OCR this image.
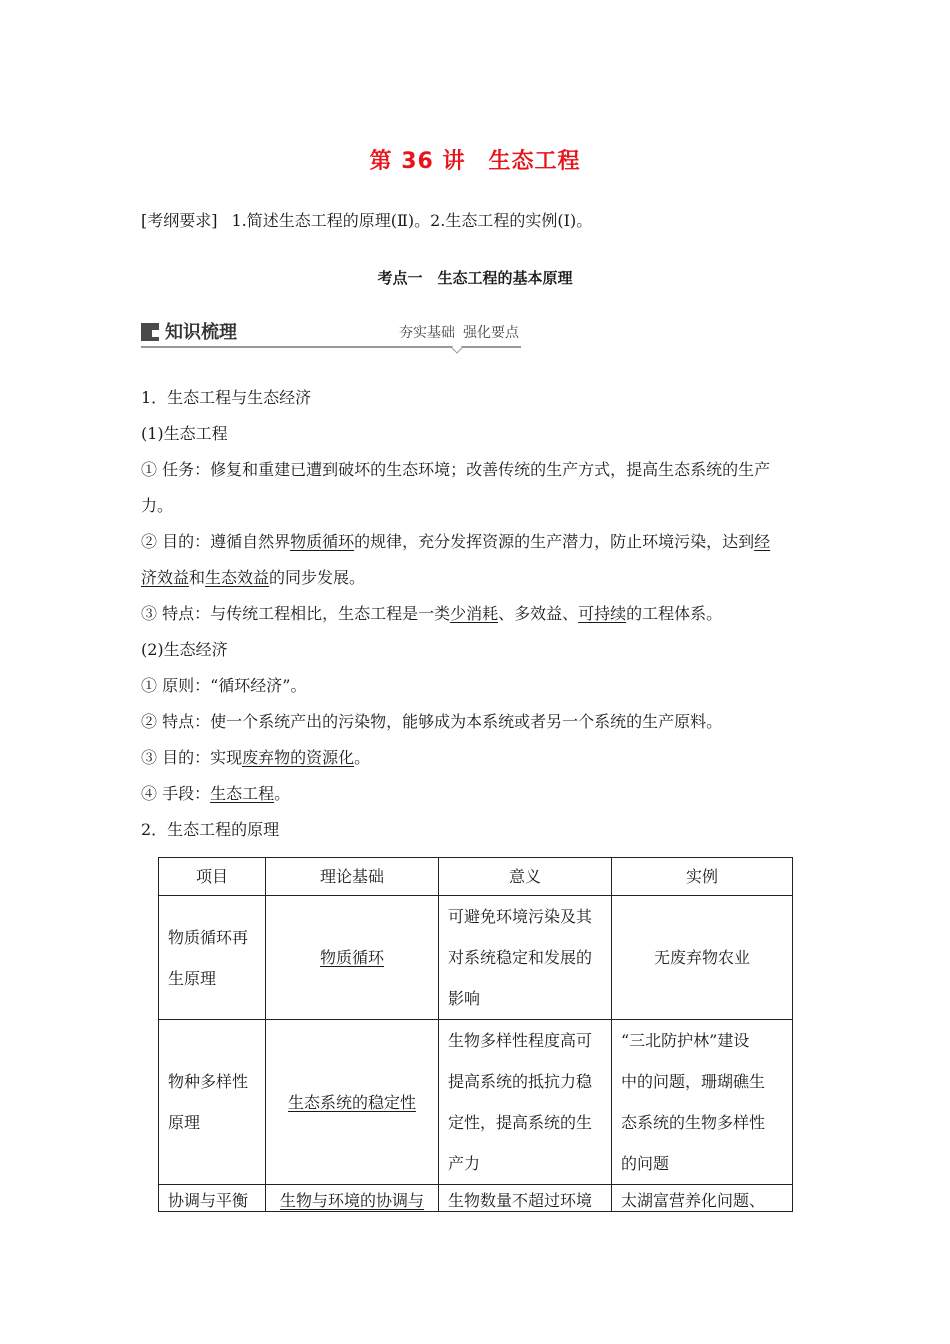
第 36 讲　生态工程
[考纲要求] 1.简述生态工程的原理(Ⅱ)。2.生态工程的实例(Ⅰ)。
考点一　生态工程的基本原理
知识梳理	夯实基础 强化要点

1．生态工程与生态经济

(1)生态工程

① 任务：修复和重建已遭到破坏的生态环境；改善传统的生产方式，提高生态系统的生产

力。

② 目的：遵循自然界物质循环的规律，充分发挥资源的生产潜力，防止环境污染，达到经

济效益和生态效益的同步发展。

③ 特点：与传统工程相比，生态工程是一类少消耗、多效益、可持续的工程体系。

(2)生态经济

① 原则：“循环经济”。

② 特点：使一个系统产出的污染物，能够成为本系统或者另一个系统的生产原料。

③ 目的：实现废弃物的资源化。

④ 手段：生态工程。

2．生态工程的原理

项目	理论基础	意义	实例
物质循环再
生原理	物质循环	可避免环境污染及其
对系统稳定和发展的
影响	无废弃物农业
物种多样性
原理	生态系统的稳定性	生物多样性程度高可
提高系统的抵抗力稳
定性，提高系统的生
产力	“三北防护林”建设
中的问题，珊瑚礁生
态系统的生物多样性
的问题
协调与平衡	生物与环境的协调与	生物数量不超过环境	太湖富营养化问题、
